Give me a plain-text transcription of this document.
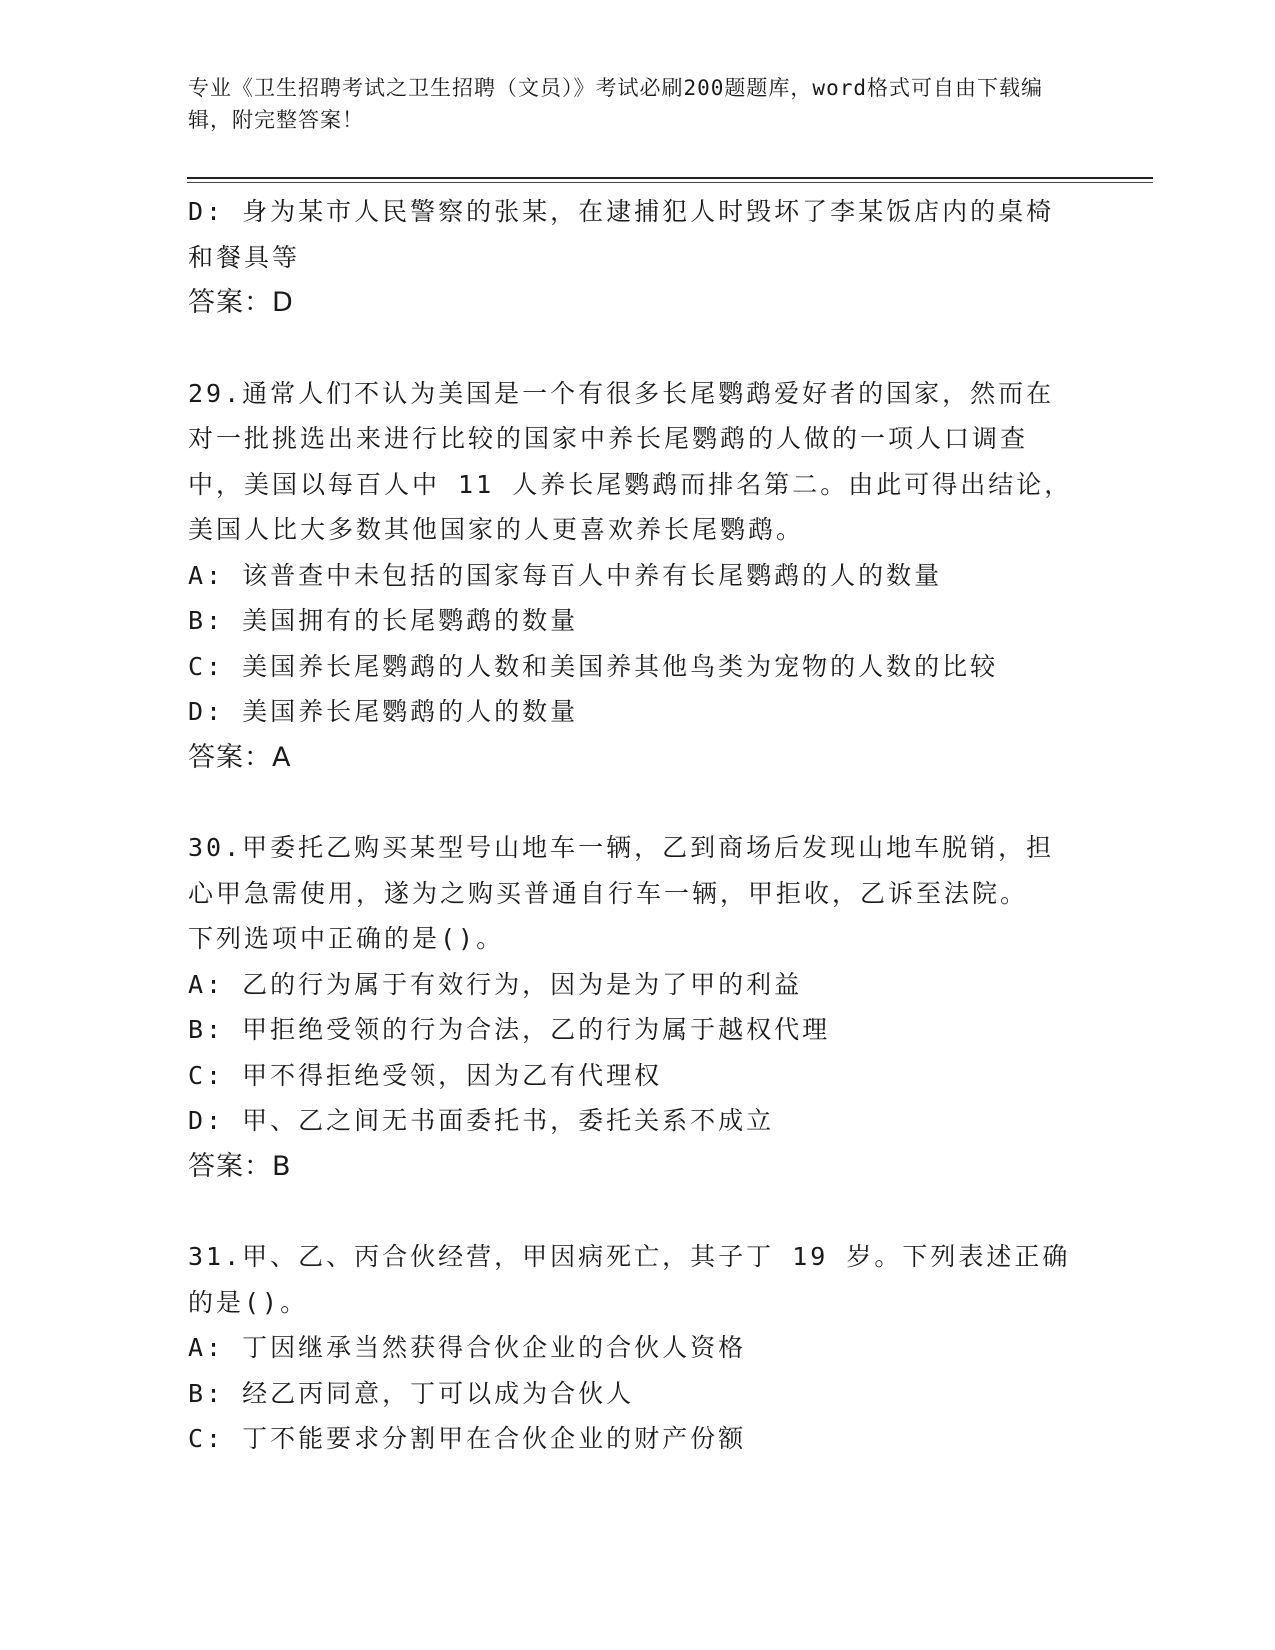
专业《卫生招聘考试之卫生招聘（文员）》考试必刷200题题库，word格式可自由下载编辑，附完整答案！
D: 身为某市人民警察的张某，在逮捕犯人时毁坏了李某饭店内的桌椅
和餐具等
答案：D
29.通常人们不认为美国是一个有很多长尾鹦鹉爱好者的国家，然而在
对一批挑选出来进行比较的国家中养长尾鹦鹉的人做的一项人口调查
中，美国以每百人中 11 人养长尾鹦鹉而排名第二。由此可得出结论，
美国人比大多数其他国家的人更喜欢养长尾鹦鹉。
A: 该普查中未包括的国家每百人中养有长尾鹦鹉的人的数量
B: 美国拥有的长尾鹦鹉的数量
C: 美国养长尾鹦鹉的人数和美国养其他鸟类为宠物的人数的比较
D: 美国养长尾鹦鹉的人的数量
答案：A
30.甲委托乙购买某型号山地车一辆，乙到商场后发现山地车脱销，担
心甲急需使用，遂为之购买普通自行车一辆，甲拒收，乙诉至法院。
下列选项中正确的是()。
A: 乙的行为属于有效行为，因为是为了甲的利益
B: 甲拒绝受领的行为合法，乙的行为属于越权代理
C: 甲不得拒绝受领，因为乙有代理权
D: 甲、乙之间无书面委托书，委托关系不成立
答案：B
31.甲、乙、丙合伙经营，甲因病死亡，其子丁 19 岁。下列表述正确
的是()。
A: 丁因继承当然获得合伙企业的合伙人资格
B: 经乙丙同意，丁可以成为合伙人
C: 丁不能要求分割甲在合伙企业的财产份额
